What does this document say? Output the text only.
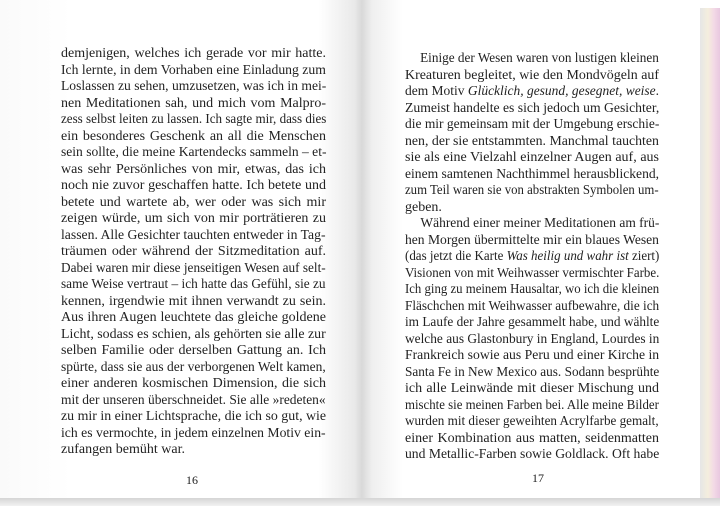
demjenigen, welches ich gerade vor mir hatte.
Ich lernte, in dem Vorhaben eine Einladung zum
Loslassen zu sehen, umzusetzen, was ich in mei-
nen Meditationen sah, und mich vom Malpro-
zess selbst leiten zu lassen. Ich sagte mir, dass dies
ein besonderes Geschenk an all die Menschen
sein sollte, die meine Kartendecks sammeln – et-
was sehr Persönliches von mir, etwas, das ich
noch nie zuvor geschaffen hatte. Ich betete und
betete und wartete ab, wer oder was sich mir
zeigen würde, um sich von mir porträtieren zu
lassen. Alle Gesichter tauchten entweder in Tag-
träumen oder während der Sitzmeditation auf.
Dabei waren mir diese jenseitigen Wesen auf selt-
same Weise vertraut – ich hatte das Gefühl, sie zu
kennen, irgendwie mit ihnen verwandt zu sein.
Aus ihren Augen leuchtete das gleiche goldene
Licht, sodass es schien, als gehörten sie alle zur
selben Familie oder derselben Gattung an. Ich
spürte, dass sie aus der verborgenen Welt kamen,
einer anderen kosmischen Dimension, die sich
mit der unseren überschneidet. Sie alle »redeten«
zu mir in einer Lichtsprache, die ich so gut, wie
ich es vermochte, in jedem einzelnen Motiv ein-
zufangen bemüht war.
Einige der Wesen waren von lustigen kleinen
Kreaturen begleitet, wie den Mondvögeln auf
dem Motiv Glücklich, gesund, gesegnet, weise.
Zumeist handelte es sich jedoch um Gesichter,
die mir gemeinsam mit der Umgebung erschie-
nen, der sie entstammten. Manchmal tauchten
sie als eine Vielzahl einzelner Augen auf, aus
einem samtenen Nachthimmel herausblickend,
zum Teil waren sie von abstrakten Symbolen um-
geben.
Während einer meiner Meditationen am frü-
hen Morgen übermittelte mir ein blaues Wesen
(das jetzt die Karte Was heilig und wahr ist ziert)
Visionen von mit Weihwasser vermischter Farbe.
Ich ging zu meinem Hausaltar, wo ich die kleinen
Fläschchen mit Weihwasser aufbewahre, die ich
im Laufe der Jahre gesammelt habe, und wählte
welche aus Glastonbury in England, Lourdes in
Frankreich sowie aus Peru und einer Kirche in
Santa Fe in New Mexico aus. Sodann besprühte
ich alle Leinwände mit dieser Mischung und
mischte sie meinen Farben bei. Alle meine Bilder
wurden mit dieser geweihten Acrylfarbe gemalt,
einer Kombination aus matten, seidenmatten
und Metallic-Farben sowie Goldlack. Oft habe
16	17
